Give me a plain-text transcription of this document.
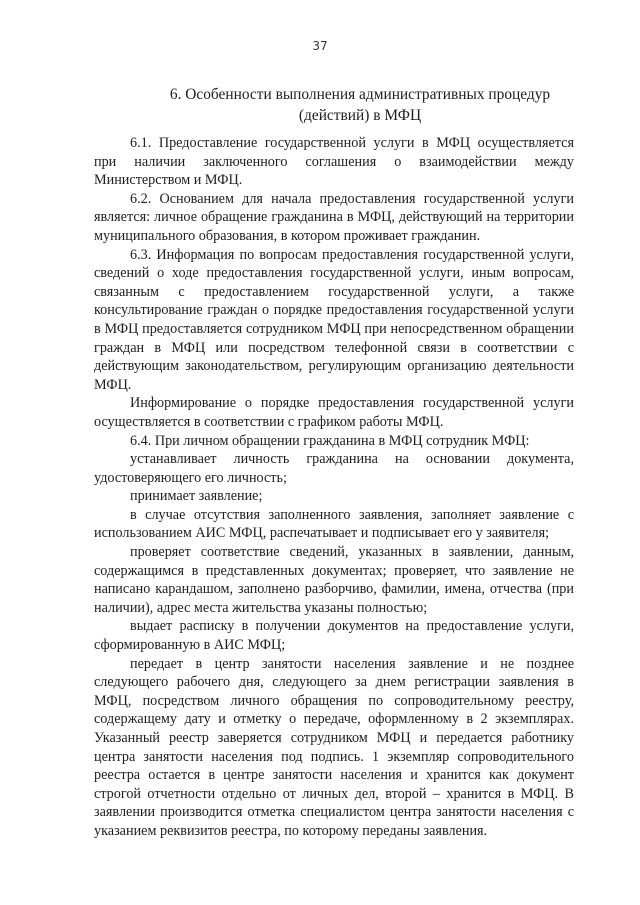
37
6. Особенности выполнения административных процедур
(действий) в МФЦ

6.1. Предоставление государственной услуги в МФЦ осуществляется при наличии заключенного соглашения о взаимодействии между Министерством и МФЦ.

6.2. Основанием для начала предоставления государственной услуги является: личное обращение гражданина в МФЦ, действующий на территории муниципального образования, в котором проживает гражданин.

6.3. Информация по вопросам предоставления государственной услуги, сведений о ходе предоставления государственной услуги, иным вопросам, связанным с предоставлением государственной услуги, а также консультирование граждан о порядке предоставления государственной услуги в МФЦ предоставляется сотрудником МФЦ при непосредственном обращении граждан в МФЦ или посредством телефонной связи в соответствии с действующим законодательством, регулирующим организацию деятельности МФЦ.

Информирование о порядке предоставления государственной услуги осуществляется в соответствии с графиком работы МФЦ.

6.4. При личном обращении гражданина в МФЦ сотрудник МФЦ:

устанавливает личность гражданина на основании документа, удостоверяющего его личность;

принимает заявление;

в случае отсутствия заполненного заявления, заполняет заявление с использованием АИС МФЦ, распечатывает и подписывает его у заявителя;

проверяет соответствие сведений, указанных в заявлении, данным, содержащимся в представленных документах; проверяет, что заявление не написано карандашом, заполнено разборчиво, фамилии, имена, отчества (при наличии), адрес места жительства указаны полностью;

выдает расписку в получении документов на предоставление услуги, сформированную в АИС МФЦ;

передает в центр занятости населения заявление и не позднее следующего рабочего дня, следующего за днем регистрации заявления в МФЦ, посредством личного обращения по сопроводительному реестру, содержащему дату и отметку о передаче, оформленному в 2 экземплярах. Указанный реестр заверяется сотрудником МФЦ и передается работнику центра занятости населения под подпись. 1 экземпляр сопроводительного реестра остается в центре занятости населения и хранится как документ строгой отчетности отдельно от личных дел, второй – хранится в МФЦ. В заявлении производится отметка специалистом центра занятости населения с указанием реквизитов реестра, по которому переданы заявления.
